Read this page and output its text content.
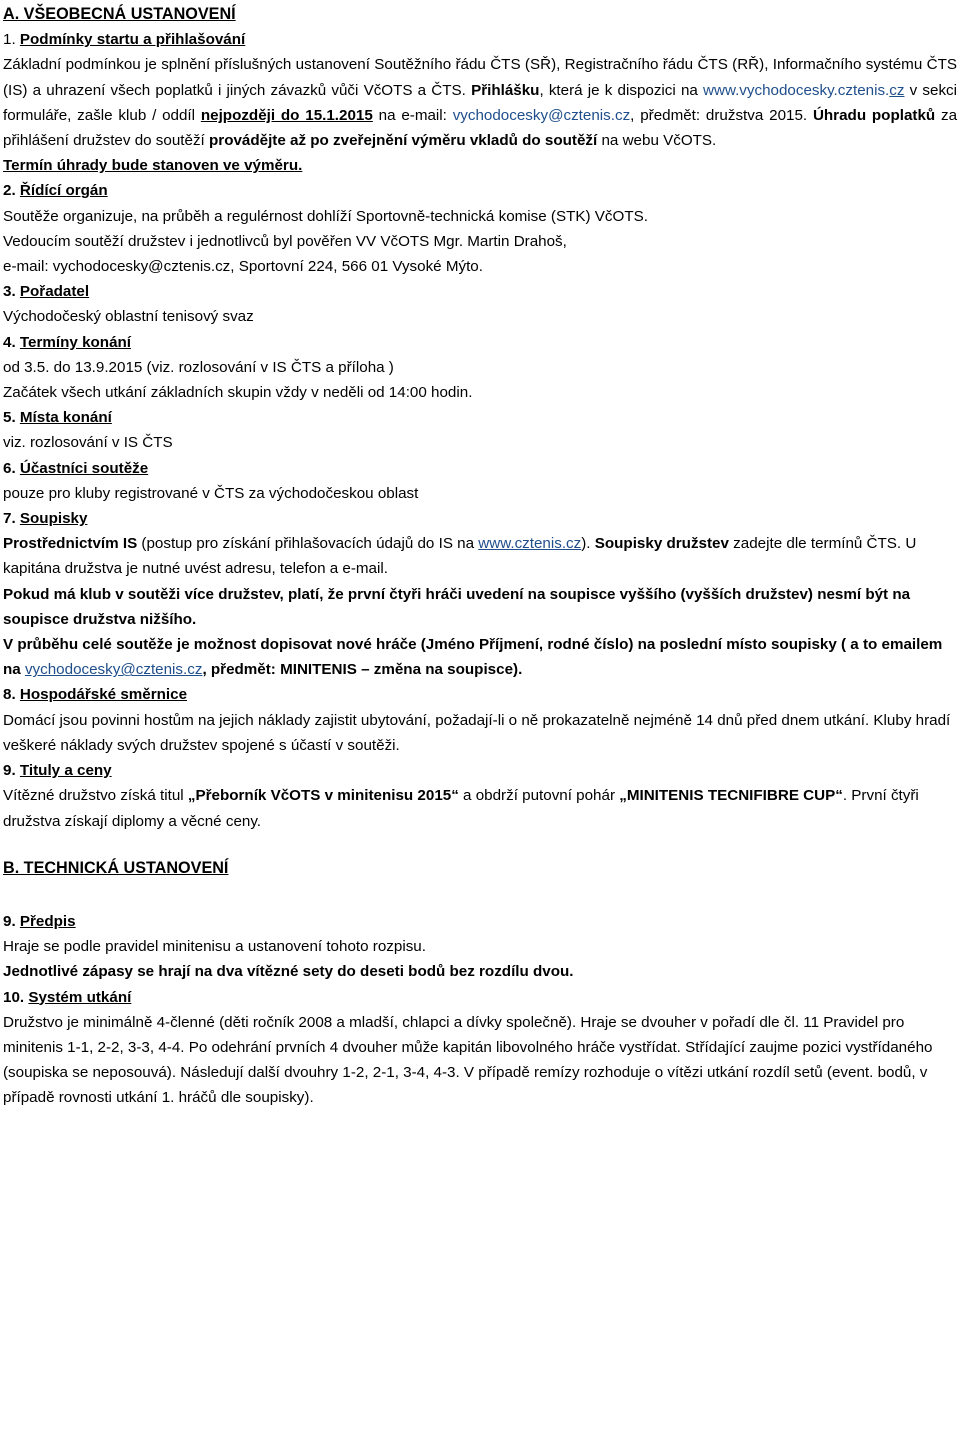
A. VŠEOBECNÁ USTANOVENÍ
1. Podmínky startu a přihlašování

Základní podmínkou je splnění příslušných ustanovení Soutěžního řádu ČTS (SŘ), Registračního řádu ČTS (RŘ), Informačního systému ČTS (IS) a uhrazení všech poplatků i jiných závazků vůči VčOTS a ČTS. Přihlášku, která je k dispozici na www.vychodocesky.cztenis.cz v sekci formuláře, zašle klub / oddíl nejpozději do 15.1.2015 na e-mail: vychodocesky@cztenis.cz, předmět: družstva 2015. Úhradu poplatků za přihlášení družstev do soutěží provádějte až po zveřejnění výměru vkladů do soutěží na webu VčOTS.

Termín úhrady bude stanoven ve výměru.
2. Řídící orgán
Soutěže organizuje, na průběh a regulérnost dohlíží Sportovně-technická komise (STK) VčOTS.
Vedoucím soutěží družstev i jednotlivců byl pověřen VV VčOTS Mgr. Martin Drahoš,
e-mail: vychodocesky@cztenis.cz, Sportovní 224, 566 01 Vysoké Mýto.
3. Pořadatel
Východočeský oblastní tenisový svaz
4. Termíny konání
od 3.5. do 13.9.2015 (viz. rozlosování v IS ČTS a příloha )
Začátek všech utkání základních skupin vždy v neděli od 14:00 hodin.
5. Místa konání
viz. rozlosování v IS ČTS
6. Účastníci soutěže
pouze pro kluby registrované v ČTS za východočeskou oblast
7. Soupisky

Prostřednictvím IS (postup pro získání přihlašovacích údajů do IS na www.cztenis.cz). Soupisky družstev zadejte dle termínů ČTS. U kapitána družstva je nutné uvést adresu, telefon a e-mail.

Pokud má klub v soutěži více družstev, platí, že první čtyři hráči uvedení na soupisce vyššího (vyšších družstev) nesmí být na soupisce družstva nižšího.

V průběhu celé soutěže je možnost dopisovat nové hráče (Jméno Příjmení, rodné číslo) na poslední místo soupisky ( a to emailem na vychodocesky@cztenis.cz, předmět: MINITENIS – změna na soupisce).

8. Hospodářské směrnice

Domácí jsou povinni hostům na jejich náklady zajistit ubytování, požadají-li o ně prokazatelně nejméně 14 dnů před dnem utkání. Kluby hradí veškeré náklady svých družstev spojené s účastí v soutěži.

9. Tituly a ceny

Vítězné družstvo získá titul „Přeborník VčOTS v minitenisu 2015“ a obdrží putovní pohár „MINITENIS TECNIFIBRE CUP“. První čtyři družstva získají diplomy a věcné ceny.

B. TECHNICKÁ USTANOVENÍ
9. Předpis
Hraje se podle pravidel minitenisu a ustanovení tohoto rozpisu.
Jednotlivé zápasy se hrají na dva vítězné sety do deseti bodů bez rozdílu dvou.
10. Systém utkání

Družstvo je minimálně 4-členné (děti ročník 2008 a mladší, chlapci a dívky společně). Hraje se dvouher v pořadí dle čl. 11 Pravidel pro minitenis 1-1, 2-2, 3-3, 4-4. Po odehrání prvních 4 dvouher může kapitán libovolného hráče vystřídat. Střídající zaujme pozici vystřídaného (soupiska se neposouvá). Následují další dvouhry 1-2, 2-1, 3-4, 4-3. V případě remízy rozhoduje o vítězi utkání rozdíl setů (event. bodů, v případě rovnosti utkání 1. hráčů dle soupisky).
